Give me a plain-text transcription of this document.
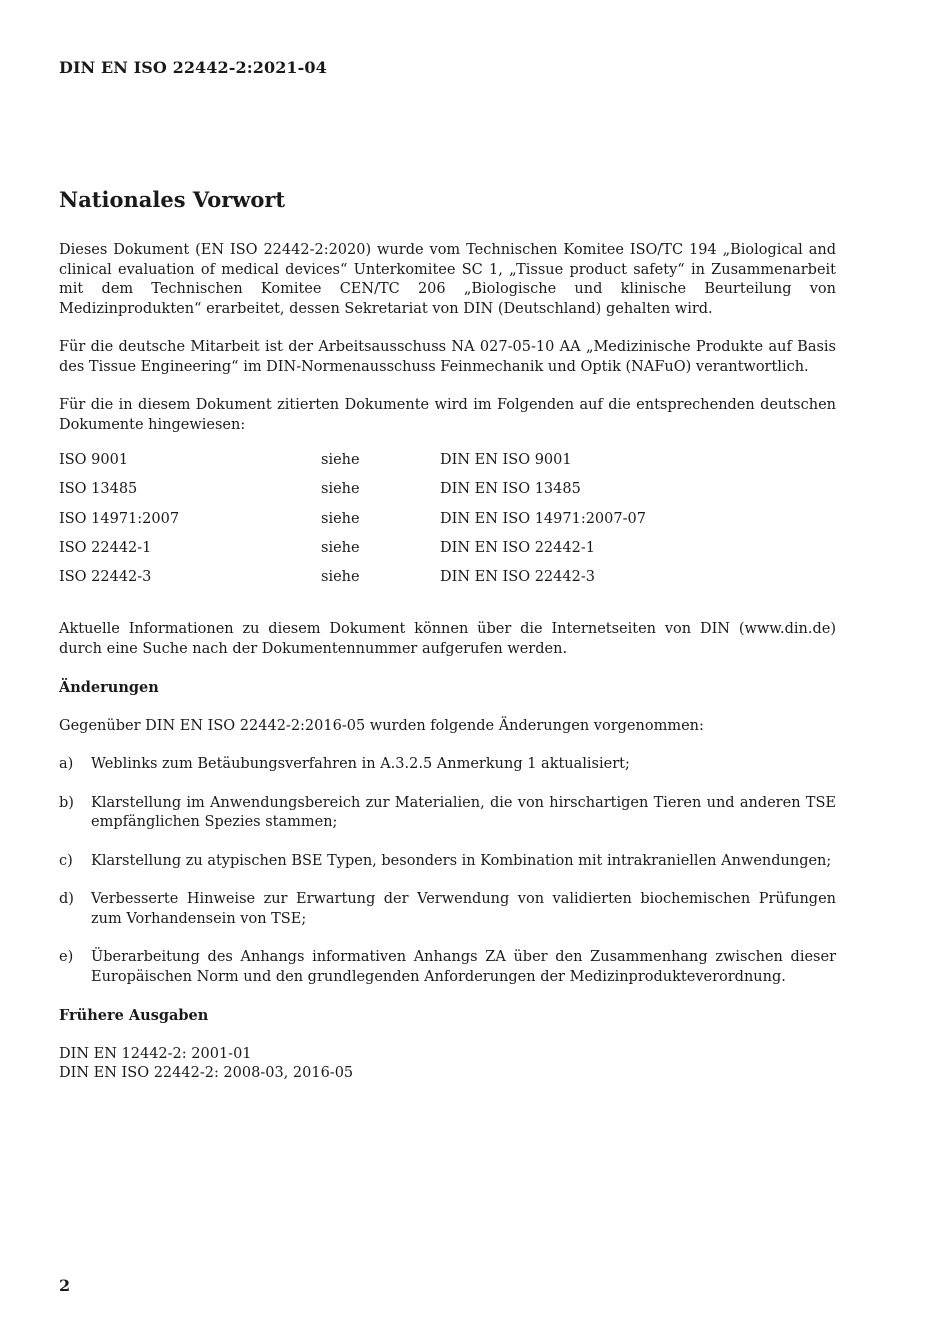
DIN EN ISO 22442-2:2021-04
Nationales Vorwort

Dieses Dokument (EN ISO 22442-2:2020) wurde vom Technischen Komitee ISO/TC 194 „Biological and clinical evaluation of medical devices“ Unterkomitee SC 1, „Tissue product safety“ in Zusammenarbeit mit dem Technischen Komitee CEN/TC 206 „Biologische und klinische Beurteilung von Medizinprodukten“ erarbeitet, dessen Sekretariat von DIN (Deutschland) gehalten wird.

Für die deutsche Mitarbeit ist der Arbeitsausschuss NA 027-05-10 AA „Medizinische Produkte auf Basis des Tissue Engineering“ im DIN-Normenausschuss Feinmechanik und Optik (NAFuO) verantwortlich.

Für die in diesem Dokument zitierten Dokumente wird im Folgenden auf die entsprechenden deutschen Dokumente hingewiesen:

ISO 9001	siehe	DIN EN ISO 9001
ISO 13485	siehe	DIN EN ISO 13485
ISO 14971:2007	siehe	DIN EN ISO 14971:2007-07
ISO 22442-1	siehe	DIN EN ISO 22442-1
ISO 22442-3	siehe	DIN EN ISO 22442-3

Aktuelle Informationen zu diesem Dokument können über die Internetseiten von DIN (www.din.de) durch eine Suche nach der Dokumentennummer aufgerufen werden.

Änderungen

Gegenüber DIN EN ISO 22442-2:2016-05 wurden folgende Änderungen vorgenommen:

a)	Weblinks zum Betäubungsverfahren in A.3.2.5 Anmerkung 1 aktualisiert;
b)	Klarstellung im Anwendungsbereich zur Materialien, die von hirschartigen Tieren und anderen TSE empfänglichen Spezies stammen;
c)	Klarstellung zu atypischen BSE Typen, besonders in Kombination mit intrakraniellen Anwendungen;
d)	Verbesserte Hinweise zur Erwartung der Verwendung von validierten biochemischen Prüfungen zum Vorhandensein von TSE;
e)	Überarbeitung des Anhangs informativen Anhangs ZA über den Zusammenhang zwischen dieser Europäischen Norm und den grundlegenden Anforderungen der Medizinprodukteverordnung.
Frühere Ausgaben
DIN EN 12442-2: 2001-01
DIN EN ISO 22442-2: 2008-03, 2016-05
2
